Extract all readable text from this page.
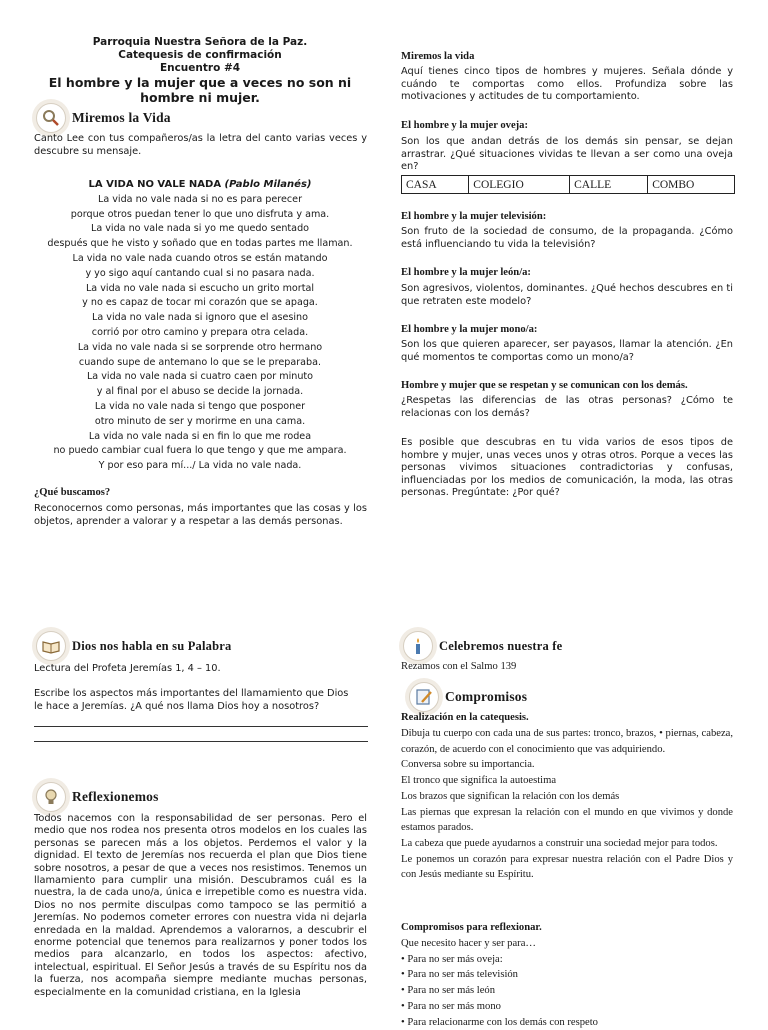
Parroquia Nuestra Señora de la Paz.
Catequesis de confirmación
Encuentro #4
El hombre y la mujer que a veces no son ni hombre ni mujer.
Miremos la Vida
Canto Lee con tus compañeros/as la letra del canto varias veces y descubre su mensaje.
LA VIDA NO VALE NADA (Pablo Milanés)
La vida no vale nada si no es para perecer
porque otros puedan tener lo que uno disfruta y ama.
La vida no vale nada si yo me quedo sentado
después que he visto y soñado que en todas partes me llaman.
La vida no vale nada cuando otros se están matando
y yo sigo aquí cantando cual si no pasara nada.
La vida no vale nada si escucho un grito mortal
y no es capaz de tocar mi corazón que se apaga.
La vida no vale nada si ignoro que el asesino
corrió por otro camino y prepara otra celada.
La vida no vale nada si se sorprende otro hermano
cuando supe de antemano lo que se le preparaba.
La vida no vale nada si cuatro caen por minuto
y al final por el abuso se decide la jornada.
La vida no vale nada si tengo que posponer
otro minuto de ser y morirme en una cama.
La vida no vale nada si en fin lo que me rodea
no puedo cambiar cual fuera lo que tengo y que me ampara.
Y por eso para mí.../ La vida no vale nada.
¿Qué buscamos?
Reconocernos como personas, más importantes que las cosas y los objetos, aprender a valorar y a respetar a las demás personas.
Miremos la vida
Aquí tienes cinco tipos de hombres y mujeres. Señala dónde y cuándo te comportas como ellos. Profundiza sobre las motivaciones y actitudes de tu comportamiento.
El hombre y la mujer oveja:
Son los que andan detrás de los demás sin pensar, se dejan arrastrar. ¿Qué situaciones vividas te llevan a ser como una oveja en?
CASA	COLEGIO	CALLE	COMBO
El hombre y la mujer televisión:
Son fruto de la sociedad de consumo, de la propaganda. ¿Cómo está influenciando tu vida la televisión?
El hombre y la mujer león/a:
Son agresivos, violentos, dominantes. ¿Qué hechos descubres en ti que retraten este modelo?
El hombre y la mujer mono/a:
Son los que quieren aparecer, ser payasos, llamar la atención. ¿En qué momentos te comportas como un mono/a?
Hombre y mujer que se respetan y se comunican con los demás.
¿Respetas las diferencias de las otras personas? ¿Cómo te relacionas con los demás?
Es posible que descubras en tu vida varios de esos tipos de hombre y mujer, unas veces unos y otras otros. Porque a veces las personas vivimos situaciones contradictorias y confusas, influenciadas por los medios de comunicación, la moda, las otras personas. Pregúntate: ¿Por qué?
Dios nos habla en su Palabra
Lectura del Profeta Jeremías 1, 4 – 10.
Escribe los aspectos más importantes del llamamiento que Dios le hace a Jeremías. ¿A qué nos llama Dios hoy a nosotros?
Reflexionemos
Todos nacemos con la responsabilidad de ser personas. Pero el medio que nos rodea nos presenta otros modelos en los cuales las personas se parecen más a los objetos. Perdemos el valor y la dignidad. El texto de Jeremías nos recuerda el plan que Dios tiene sobre nosotros, a pesar de que a veces nos resistimos. Tenemos un llamamiento para cumplir una misión. Descubramos cuál es la nuestra, la de cada uno/a, única e irrepetible como es nuestra vida. Dios no nos permite disculpas como tampoco se las permitió a Jeremías. No podemos cometer errores con nuestra vida ni dejarla enredada en la maldad. Aprendemos a valorarnos, a descubrir el enorme potencial que tenemos para realizarnos y poner todos los medios para alcanzarlo, en todos los aspectos: afectivo, intelectual, espiritual. El Señor Jesús a través de su Espíritu nos da la fuerza, nos acompaña siempre mediante muchas personas, especialmente en la comunidad cristiana, en la Iglesia
Celebremos nuestra fe
Rezamos con el Salmo 139
Compromisos
Realización en la catequesis.

Dibuja tu cuerpo con cada una de sus partes: tronco, brazos, • piernas, cabeza, corazón, de acuerdo con el conocimiento que vas adquiriendo.

Conversa sobre su importancia.

El tronco que significa la autoestima

Los brazos que significan la relación con los demás

Las piernas que expresan la relación con el mundo en que vivimos y donde estamos parados.

La cabeza que puede ayudarnos a construir una sociedad mejor para todos.

Le ponemos un corazón para expresar nuestra relación con el Padre Dios y con Jesús mediante su Espíritu.

Compromisos para reflexionar.

Que necesito hacer y ser para…

• Para no ser más oveja:

• Para no ser más televisión

• Para no ser más león

• Para no ser más mono

• Para relacionarme con los demás con respeto
